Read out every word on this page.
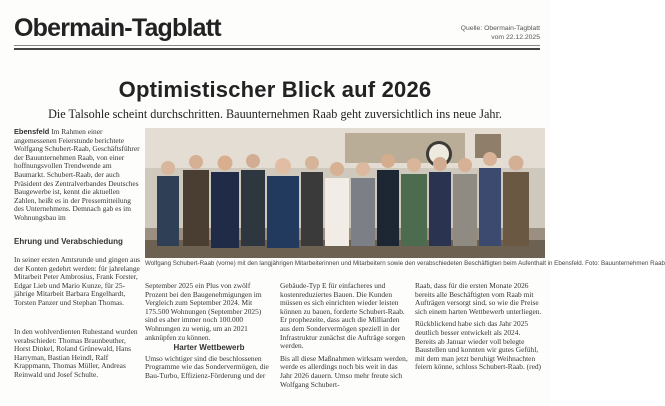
Obermain-Tagblatt	Quelle: Obermain-Tagblatt
vom 22.12.2025
Optimistischer Blick auf 2026
Die Talsohle scheint durchschritten. Bauunternehmen Raab geht zuversichtlich ins neue Jahr.

Ebensfeld Im Rahmen einer angemessenen Feierstunde berichtete Wolfgang Schubert-Raab, Geschäftsführer der Bauunternehmen Raab, von einer hoffnungsvollen Trendwende am Baumarkt. Schubert-Raab, der auch Präsident des Zentralverbandes Deutsches Baugewerbe ist, kennt die aktuellen Zahlen, heißt es in der Pressemitteilung des Unternehmens. Demnach gab es im Wohnungsbau im

Ehrung und Verabschiedung

In seiner ersten Amtsrunde und gingen aus der Konten gedehrt werden: für jahrelange Mitarbeit Peter Ambrosius, Frank Forster, Edgar Lieb und Mario Kunze, für 25-jährige Mitarbeit Barbara Engelhardt, Torsten Panzer und Stephan Thomas.

In den wohlverdienten Ruhestand wurden verabschiedet: Thomas Braunbeuther, Horst Dinkel, Roland Grünewald, Hans Harryman, Bastian Heindl, Ralf Krappmann, Thomas Müller, Andreas Reinwald und Josef Schulte.

Wolfgang Schubert-Raab (vorne) mit den langjährigen Mitarbeiterinnen und Mitarbeitern sowie den verabschiedeten Beschäftigten beim Aufenthalt in Ebensfeld. Foto: Bauunternehmen Raab

September 2025 ein Plus von zwölf Prozent bei den Baugenehmigungen im Vergleich zum September 2024. Mit 175.500 Wohnungen (September 2025) sind es aber immer noch 100.000 Wohnungen zu wenig, um an 2021 anknüpfen zu können.

Harter Wettbewerb

Umso wichtiger sind die beschlossenen Programme wie das Sondervermögen, die Bau-Turbo, Effizienz-Förderung und der

Gebäude-Typ E für einfacheres und kostenreduziertes Bauen. Die Kunden müssen es sich einrichten wieder leisten können zu bauen, forderte Schubert-Raab. Er prophezeite, dass auch die Milliarden aus dem Sondervermögen speziell in der Infrastruktur zunächst die Aufträge sorgen werden.

Bis all diese Maßnahmen wirksam werden, werde es allerdings noch bis weit in das Jahr 2026 dauern. Umso mehr freute sich Wolfgang Schubert-

Raab, dass für die ersten Monate 2026 bereits alle Beschäftigten vom Raab mit Aufträgen versorgt sind, so wie die Preise sich einem harten Wettbewerb unterliegen.

Rückblickend habe sich das Jahr 2025 deutlich besser entwickelt als 2024. Bereits ab Januar wieder voll belegte Baustellen und konnten wir gutes Gefühl, mit dem man jetzt beruhigt Weihnachten feiern könne, schloss Schubert-Raab. (red)
